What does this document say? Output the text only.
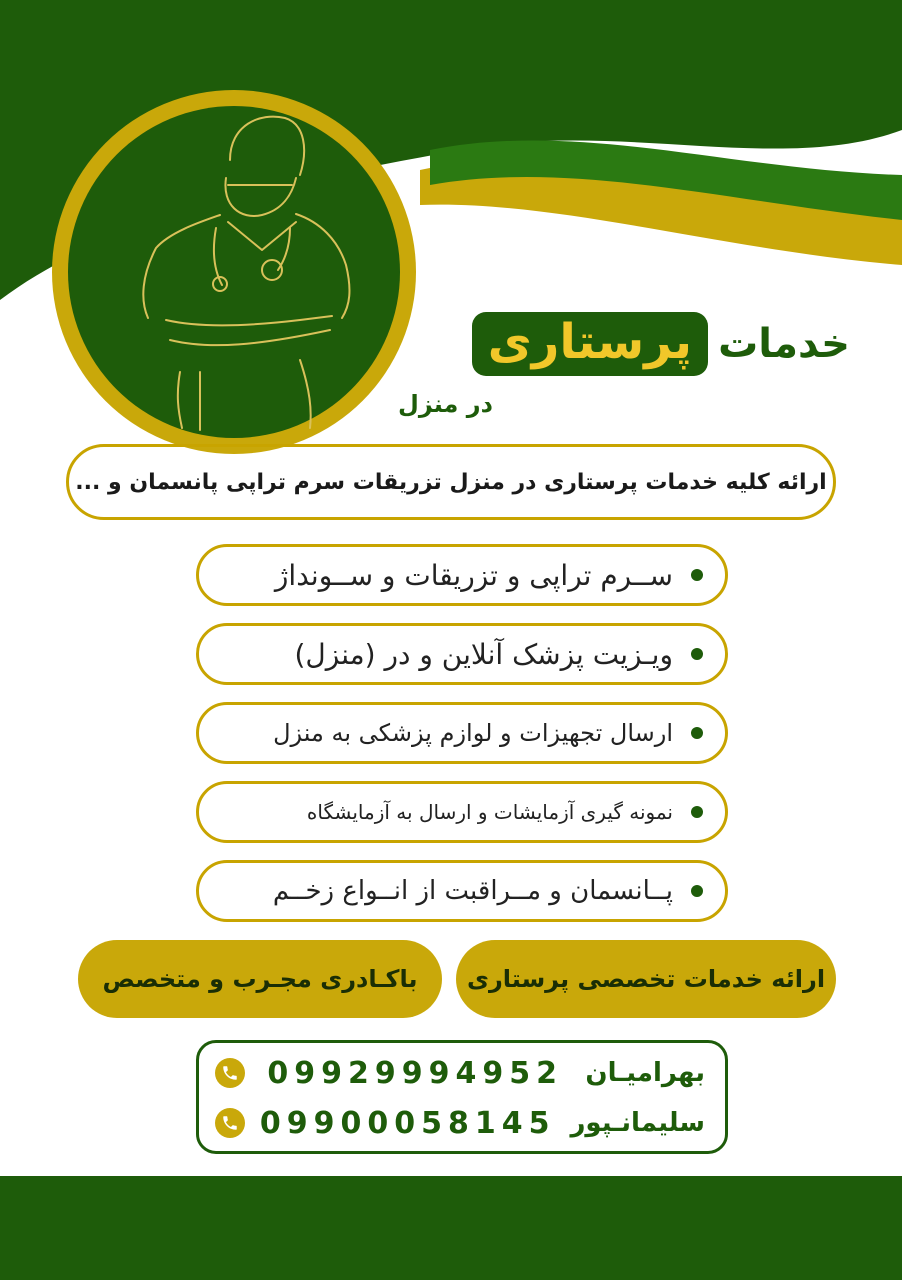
خدمات
پرستاری
در منزل
ارائه کلیه خدمات پرستاری در منزل تزریقات سرم تراپی پانسمان و ...
ســرم تراپی و تزریقات و ســونداژ
ویـزیت پزشک آنلاین و در (منزل)
ارسال تجهیزات و لوازم پزشکی به منزل
نمونه گیری آزمایشات و ارسال به آزمایشگاه
پــانسمان و مــراقبت از انــواع زخــم
ارائه خدمات تخصصی پرستاری
باکـادری مجـرب و متخصص
بهرامیـان
09929994952
سلیمانـپور
09900058145
